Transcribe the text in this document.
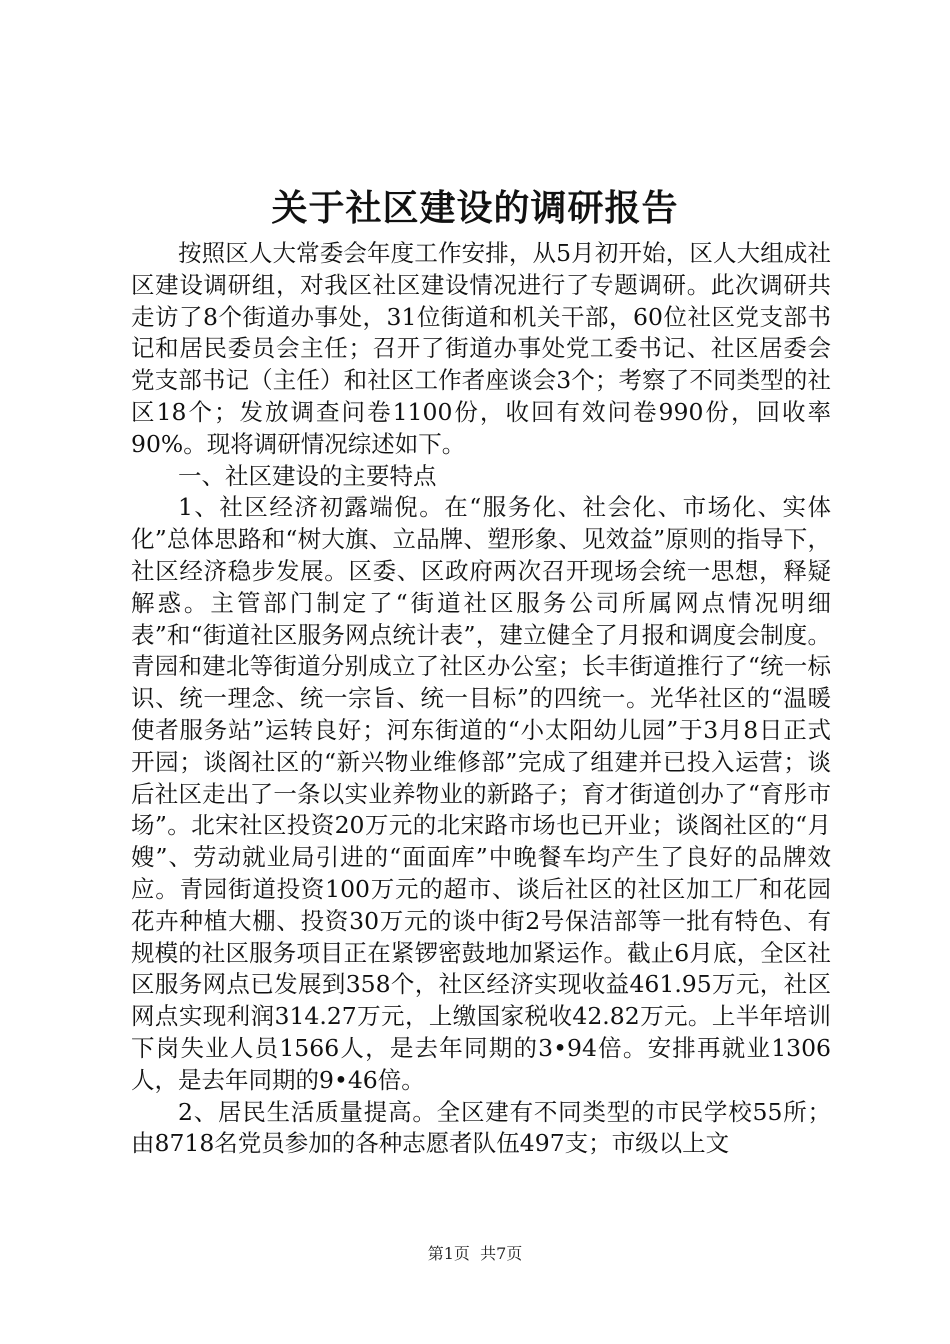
关于社区建设的调研报告

按照区人大常委会年度工作安排，从5月初开始，区人大组成社区建设调研组，对我区社区建设情况进行了专题调研。此次调研共走访了8个街道办事处，31位街道和机关干部，60位社区党支部书记和居民委员会主任；召开了街道办事处党工委书记、社区居委会党支部书记（主任）和社区工作者座谈会3个；考察了不同类型的社区18个；发放调查问卷1100份，收回有效问卷990份，回收率90%。现将调研情况综述如下。

一、社区建设的主要特点

1、社区经济初露端倪。在“服务化、社会化、市场化、实体化”总体思路和“树大旗、立品牌、塑形象、见效益”原则的指导下，社区经济稳步发展。区委、区政府两次召开现场会统一思想，释疑解惑。主管部门制定了“街道社区服务公司所属网点情况明细表”和“街道社区服务网点统计表”，建立健全了月报和调度会制度。青园和建北等街道分别成立了社区办公室；长丰街道推行了“统一标识、统一理念、统一宗旨、统一目标”的四统一。光华社区的“温暖使者服务站”运转良好；河东街道的“小太阳幼儿园”于3月8日正式开园；谈阁社区的“新兴物业维修部”完成了组建并已投入运营；谈后社区走出了一条以实业养物业的新路子；育才街道创办了“育彤市场”。北宋社区投资20万元的北宋路市场也已开业；谈阁社区的“月嫂”、劳动就业局引进的“面面库”中晚餐车均产生了良好的品牌效应。青园街道投资100万元的超市、谈后社区的社区加工厂和花园花卉种植大棚、投资30万元的谈中街2号保洁部等一批有特色、有规模的社区服务项目正在紧锣密鼓地加紧运作。截止6月底，全区社区服务网点已发展到358个，社区经济实现收益461.95万元，社区网点实现利润314.27万元，上缴国家税收42.82万元。上半年培训下岗失业人员1566人，是去年同期的3•94倍。安排再就业1306人，是去年同期的9•46倍。

2、居民生活质量提高。全区建有不同类型的市民学校55所；由8718名党员参加的各种志愿者队伍497支；市级以上文

第1页 共7页
